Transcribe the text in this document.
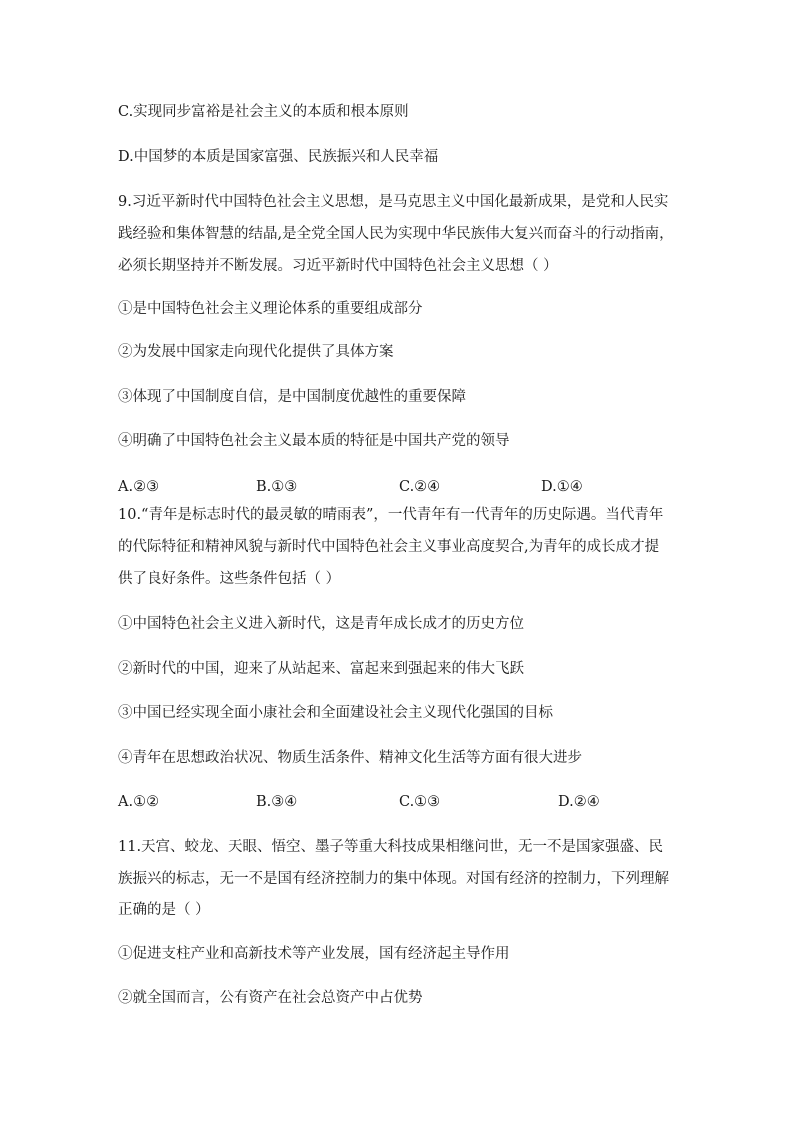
C.实现同步富裕是社会主义的本质和根本原则
D.中国梦的本质是国家富强、民族振兴和人民幸福
9.习近平新时代中国特色社会主义思想，是马克思主义中国化最新成果，是党和人民实
践经验和集体智慧的结晶,是全党全国人民为实现中华民族伟大复兴而奋斗的行动指南，
必须长期坚持并不断发展。习近平新时代中国特色社会主义思想（ ）
①是中国特色社会主义理论体系的重要组成部分
②为发展中国家走向现代化提供了具体方案
③体现了中国制度自信，是中国制度优越性的重要保障
④明确了中国特色社会主义最本质的特征是中国共产党的领导
A.②③	B.①③	C.②④	D.①④
10.“青年是标志时代的最灵敏的晴雨表”，一代青年有一代青年的历史际遇。当代青年
的代际特征和精神风貌与新时代中国特色社会主义事业高度契合,为青年的成长成才提
供了良好条件。这些条件包括（ ）
①中国特色社会主义进入新时代，这是青年成长成才的历史方位
②新时代的中国，迎来了从站起来、富起来到强起来的伟大飞跃
③中国已经实现全面小康社会和全面建设社会主义现代化强国的目标
④青年在思想政治状况、物质生活条件、精神文化生活等方面有很大进步
A.①②	B.③④	C.①③	D.②④
11.天宫、蛟龙、天眼、悟空、墨子等重大科技成果相继问世，无一不是国家强盛、民
族振兴的标志，无一不是国有经济控制力的集中体现。对国有经济的控制力，下列理解
正确的是（ ）
①促进支柱产业和高新技术等产业发展，国有经济起主导作用
②就全国而言，公有资产在社会总资产中占优势
